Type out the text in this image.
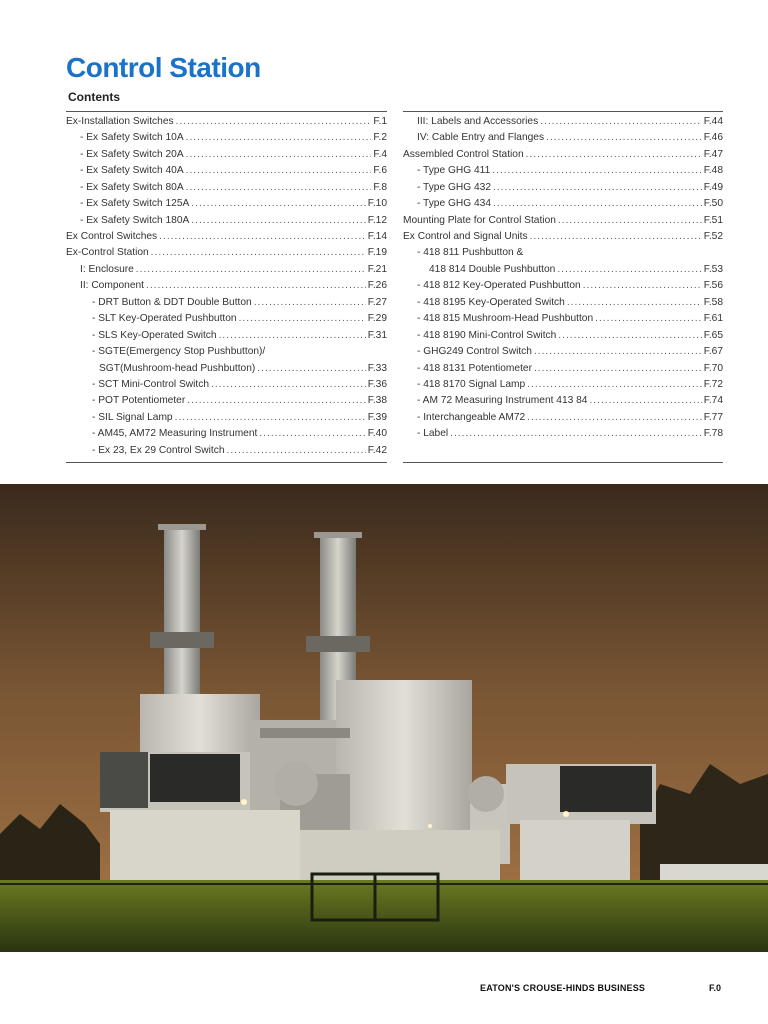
Control Station
Contents
Ex-Installation Switches .....	F.1
- Ex Safety Switch 10A .....	F.2
- Ex Safety Switch 20A .....	F.4
- Ex Safety Switch 40A .....	F.6
- Ex Safety Switch 80A .....	F.8
- Ex Safety Switch 125A .....	F.10
- Ex Safety Switch 180A .....	F.12
Ex Control Switches .....	F.14
Ex-Control Station .....	F.19
I: Enclosure .....	F.21
II: Component .....	F.26
- DRT Button & DDT Double Button .....	F.27
- SLT Key-Operated Pushbutton .....	F.29
- SLS Key-Operated Switch .....	F.31
- SGTE(Emergency Stop Pushbutton)/
SGT(Mushroom-head Pushbutton) .....	F.33
- SCT Mini-Control Switch .....	F.36
- POT Potentiometer .....	F.38
- SIL Signal Lamp .....	F.39
- AM45, AM72 Measuring Instrument .....	F.40
- Ex 23, Ex 29 Control Switch .....	F.42
III: Labels and Accessories .....	F.44
IV: Cable Entry and Flanges .....	F.46
Assembled Control Station .....	F.47
- Type GHG 411 .....	F.48
- Type GHG 432 .....	F.49
- Type GHG 434 .....	F.50
Mounting Plate for Control Station .....	F.51
Ex Control and Signal Units .....	F.52
- 418 811 Pushbutton &
418 814 Double Pushbutton .....	F.53
- 418 812 Key-Operated Pushbutton .....	F.56
- 418 8195 Key-Operated Switch .....	F.58
- 418 815 Mushroom-Head Pushbutton .....	F.61
- 418 8190 Mini-Control Switch .....	F.65
- GHG249 Control Switch .....	F.67
- 418 8131 Potentiometer .....	F.70
- 418 8170 Signal Lamp .....	F.72
- AM 72 Measuring Instrument 413 84 .....	F.74
- Interchangeable AM72 .....	F.77
- Label .....	F.78
EATON'S CROUSE-HINDS BUSINESS	F.0
